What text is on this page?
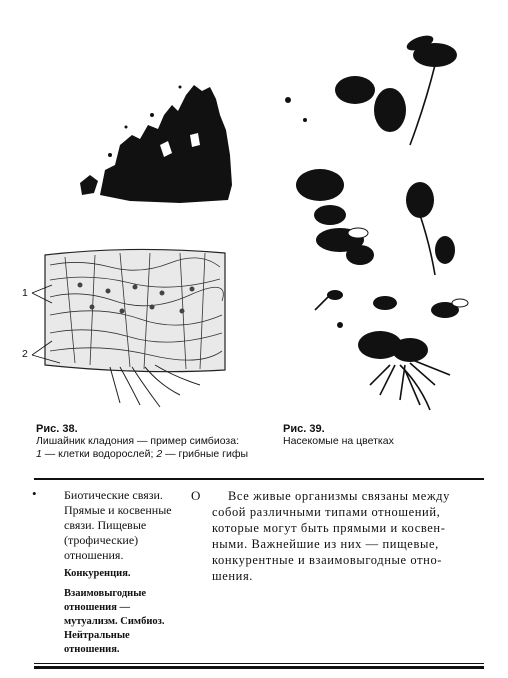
1
2
Рис. 38.
Лишайник кладония — пример симбиоза:
1 — клетки водорослей; 2 — грибные гифы
Рис. 39.
Насекомые на цветках
• Биотические связи.
Прямые и косвенные
связи. Пищевые
(трофические)
отношения.
Конкуренция.
Взаимовыгодные
отношения —
мутуализм. Симбиоз.
Нейтральные
отношения.
О	Все живые организмы связаны между
собой различными типами отношений,
которые могут быть прямыми и косвен-
ными. Важнейшие из них — пищевые,
конкурентные и взаимовыгодные отно-
шения.
